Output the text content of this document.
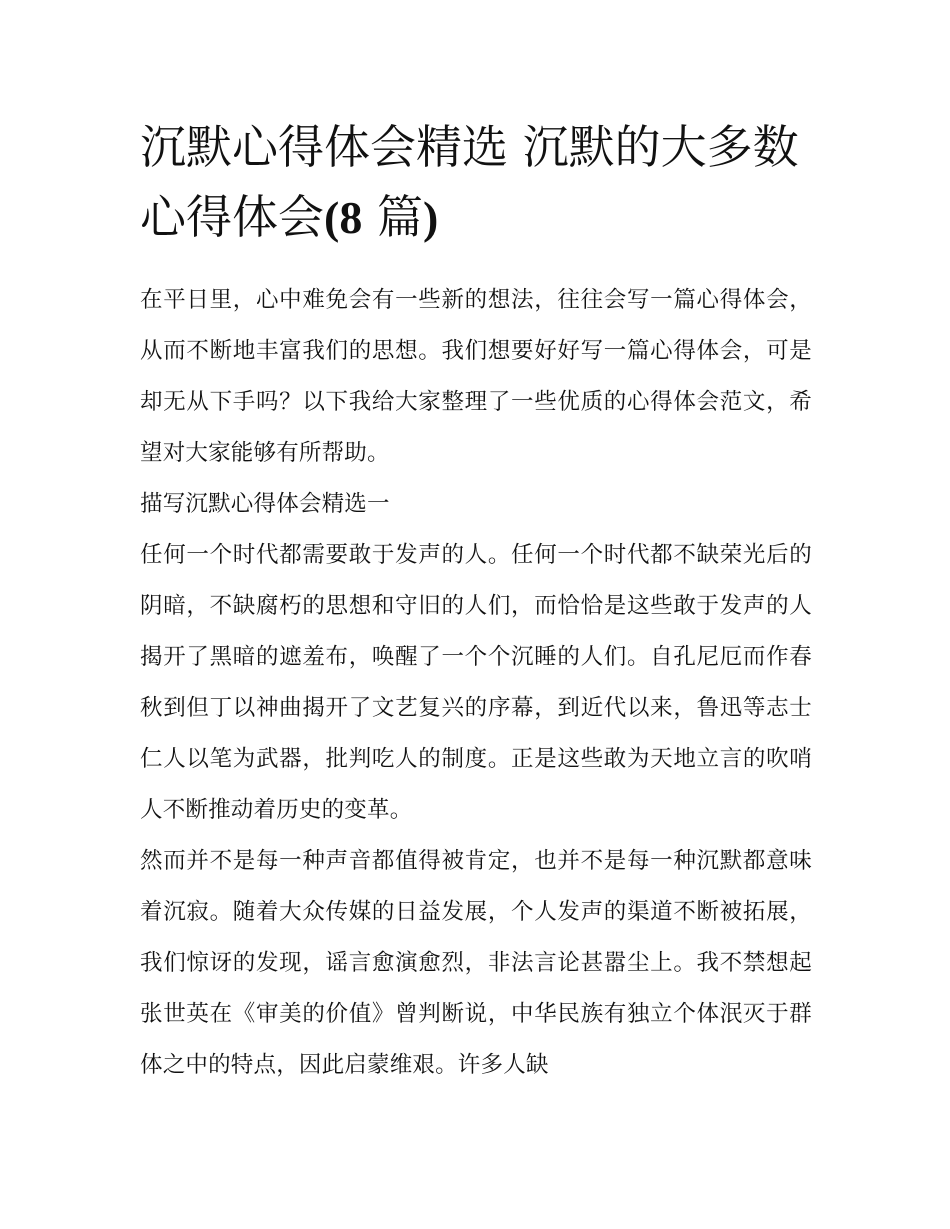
沉默心得体会精选 沉默的大多数心得体会(8 篇)

在平日里，心中难免会有一些新的想法，往往会写一篇心得体会，从而不断地丰富我们的思想。我们想要好好写一篇心得体会，可是却无从下手吗？以下我给大家整理了一些优质的心得体会范文，希望对大家能够有所帮助。

描写沉默心得体会精选一

任何一个时代都需要敢于发声的人。任何一个时代都不缺荣光后的阴暗，不缺腐朽的思想和守旧的人们，而恰恰是这些敢于发声的人揭开了黑暗的遮羞布，唤醒了一个个沉睡的人们。自孔尼厄而作春秋到但丁以神曲揭开了文艺复兴的序幕，到近代以来，鲁迅等志士仁人以笔为武器，批判吃人的制度。正是这些敢为天地立言的吹哨人不断推动着历史的变革。

然而并不是每一种声音都值得被肯定，也并不是每一种沉默都意味着沉寂。随着大众传媒的日益发展，个人发声的渠道不断被拓展，我们惊讶的发现，谣言愈演愈烈，非法言论甚嚣尘上。我不禁想起张世英在《审美的价值》曾判断说，中华民族有独立个体泯灭于群体之中的特点，因此启蒙维艰。许多人缺
